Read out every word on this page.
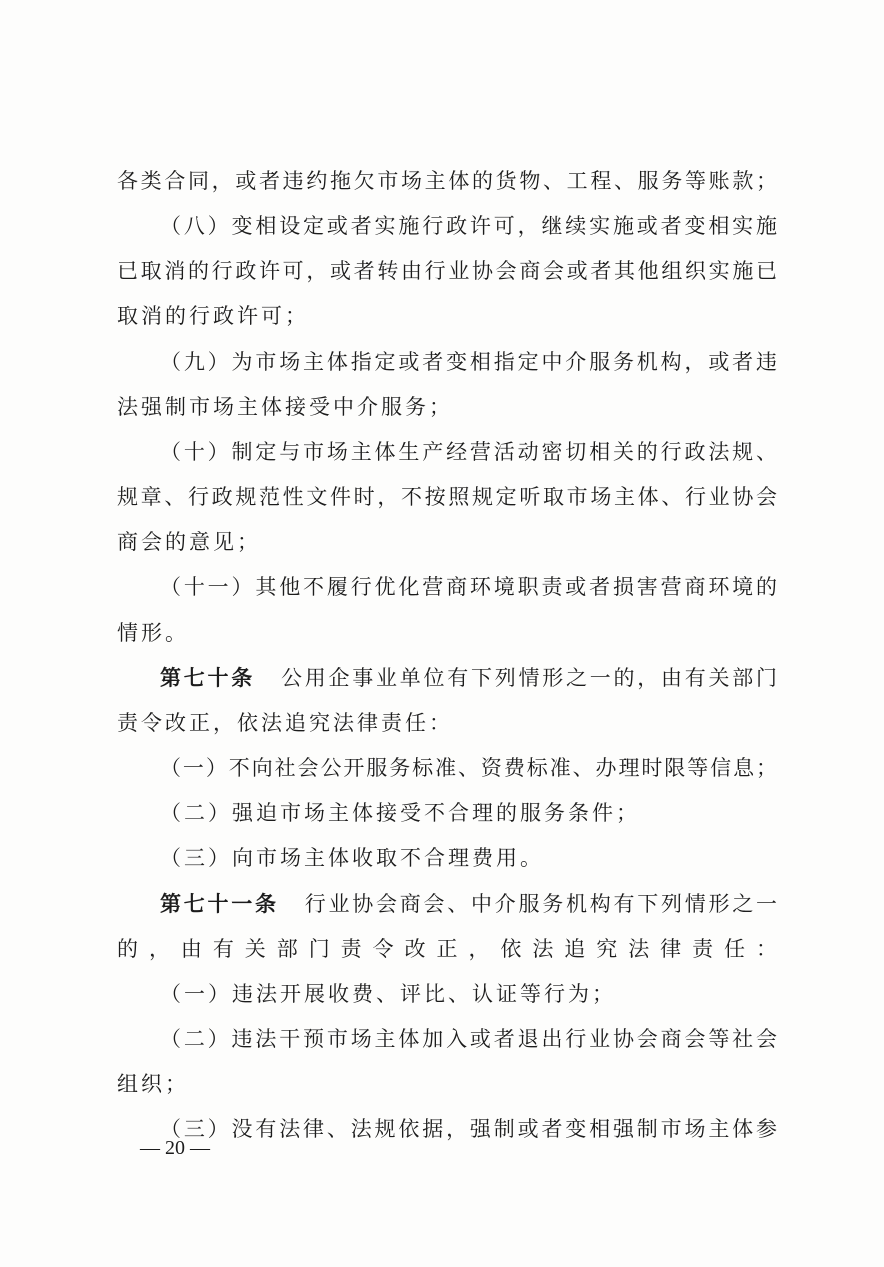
各类合同，或者违约拖欠市场主体的货物、工程、服务等账款；
（八）变相设定或者实施行政许可，继续实施或者变相实施
已取消的行政许可，或者转由行业协会商会或者其他组织实施已
取消的行政许可；
（九）为市场主体指定或者变相指定中介服务机构，或者违
法强制市场主体接受中介服务；
（十）制定与市场主体生产经营活动密切相关的行政法规、
规章、行政规范性文件时，不按照规定听取市场主体、行业协会
商会的意见；
（十一）其他不履行优化营商环境职责或者损害营商环境的
情形。
第七十条 公用企事业单位有下列情形之一的，由有关部门
责令改正，依法追究法律责任：
（一）不向社会公开服务标准、资费标准、办理时限等信息；
（二）强迫市场主体接受不合理的服务条件；
（三）向市场主体收取不合理费用。
第七十一条 行业协会商会、中介服务机构有下列情形之一
的，由有关部门责令改正，依法追究法律责任：
（一）违法开展收费、评比、认证等行为；
（二）违法干预市场主体加入或者退出行业协会商会等社会
组织；
（三）没有法律、法规依据，强制或者变相强制市场主体参
— 20 —
